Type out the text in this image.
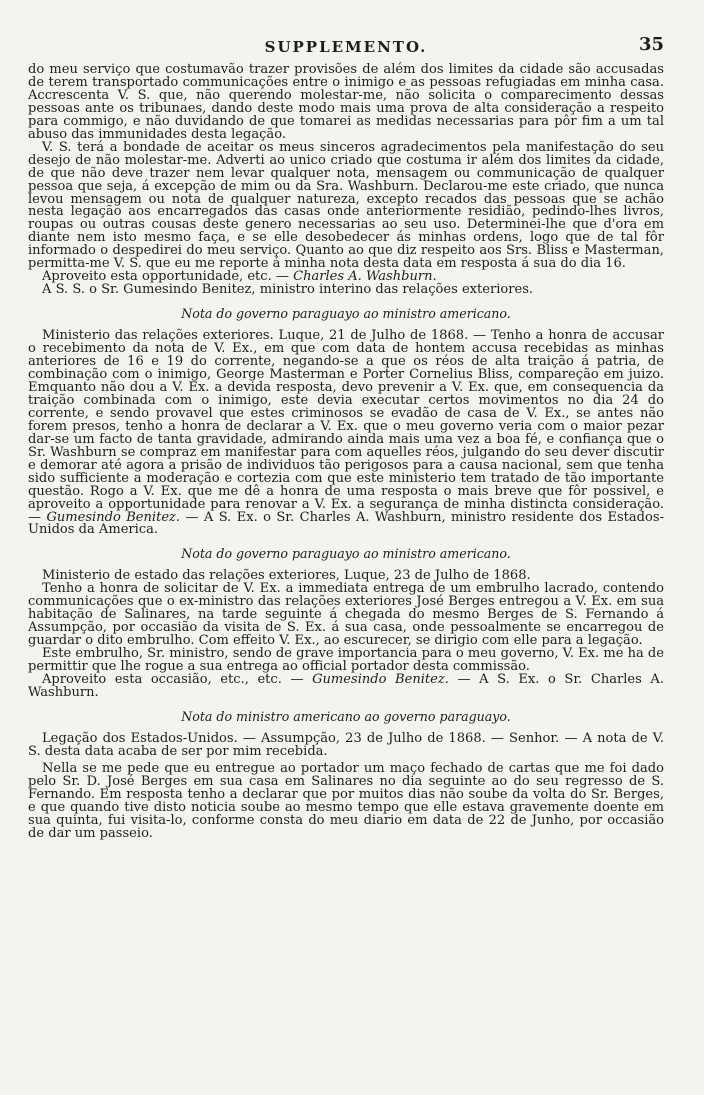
SUPPLEMENTO.	35

do meu serviço que costumavão trazer provisões de além dos limites da cidade são accusadas de terem transportado communicações entre o inimigo e as pessoas refugiadas em minha casa. Accrescenta V. S. que, não querendo molestar-me, não solicita o comparecimento dessas pessoas ante os tribunaes, dando deste modo mais uma prova de alta consideração a respeito para commigo, e não duvidando de que tomarei as medidas necessarias para pôr fim a um tal abuso das immunidades desta legação.

V. S. terá a bondade de aceitar os meus sinceros agradecimentos pela manifestação do seu desejo de não molestar-me. Adverti ao unico criado que costuma ir além dos limites da cidade, de que não deve trazer nem levar qualquer nota, mensagem ou communicação de qualquer pessoa que seja, á excepção de mim ou da Sra. Washburn. Declarou-me este criado, que nunca levou mensagem ou nota de qualquer natureza, excepto recados das pessoas que se achão nesta legação aos encarregados das casas onde anteriormente residião, pedindo-lhes livros, roupas ou outras cousas deste genero necessarias ao seu uso. Determinei-lhe que d'ora em diante nem isto mesmo faça, e se elle desobedecer ás minhas ordens, logo que de tal fôr informado o despedirei do meu serviço. Quanto ao que diz respeito aos Srs. Bliss e Masterman, permitta-me V. S. que eu me reporte á minha nota desta data em resposta á sua do dia 16.

Aproveito esta opportunidade, etc. — Charles A. Washburn.

A S. S. o Sr. Gumesindo Benitez, ministro interino das relações exteriores.

Nota do governo paraguayo ao ministro americano.

Ministerio das relações exteriores. Luque, 21 de Julho de 1868. — Tenho a honra de accusar o recebimento da nota de V. Ex., em que com data de hontem accusa recebidas as minhas anteriores de 16 e 19 do corrente, negando-se a que os réos de alta traição á patria, de combinação com o inimigo, George Masterman e Porter Cornelius Bliss, compareção em juizo. Emquanto não dou a V. Ex. a devida resposta, devo prevenir a V. Ex. que, em consequencia da traição combinada com o inimigo, este devia executar certos movimentos no dia 24 do corrente, e sendo provavel que estes criminosos se evadão de casa de V. Ex., se antes não forem presos, tenho a honra de declarar a V. Ex. que o meu governo veria com o maior pezar dar-se um facto de tanta gravidade, admirando ainda mais uma vez a boa fé, e confiança que o Sr. Washburn se compraz em manifestar para com aquelles réos, julgando do seu dever discutir e demorar até agora a prisão de individuos tão perigosos para a causa nacional, sem que tenha sido sufficiente a moderação e cortezia com que este ministerio tem tratado de tão importante questão. Rogo a V. Ex. que me dê a honra de uma resposta o mais breve que fôr possivel, e aproveito a opportunidade para renovar a V. Ex. a segurança de minha distincta consideração. — Gumesindo Benitez. — A S. Ex. o Sr. Charles A. Washburn, ministro residente dos Estados-Unidos da America.

Nota do governo paraguayo ao ministro americano.

Ministerio de estado das relações exteriores, Luque, 23 de Julho de 1868.

Tenho a honra de solicitar de V. Ex. a immediata entrega de um embrulho lacrado, contendo communicações que o ex-ministro das relações exteriores José Berges entregou a V. Ex. em sua habitação de Salinares, na tarde seguinte á chegada do mesmo Berges de S. Fernando á Assumpção, por occasião da visita de S. Ex. á sua casa, onde pessoalmente se encarregou de guardar o dito embrulho. Com effeito V. Ex., ao escurecer, se dirigio com elle para a legação.

Este embrulho, Sr. ministro, sendo de grave importancia para o meu governo, V. Ex. me ha de permittir que lhe rogue a sua entrega ao official portador desta commissão.

Aproveito esta occasião, etc., etc. — Gumesindo Benitez. — A S. Ex. o Sr. Charles A. Washburn.

Nota do ministro americano ao governo paraguayo.

Legação dos Estados-Unidos. — Assumpção, 23 de Julho de 1868. — Senhor. — A nota de V. S. desta data acaba de ser por mim recebida.

Nella se me pede que eu entregue ao portador um maço fechado de cartas que me foi dado pelo Sr. D. José Berges em sua casa em Salinares no dia seguinte ao do seu regresso de S. Fernando. Em resposta tenho a declarar que por muitos dias não soube da volta do Sr. Berges, e que quando tive disto noticia soube ao mesmo tempo que elle estava gravemente doente em sua quinta, fui visita-lo, conforme consta do meu diario em data de 22 de Junho, por occasião de dar um passeio.
